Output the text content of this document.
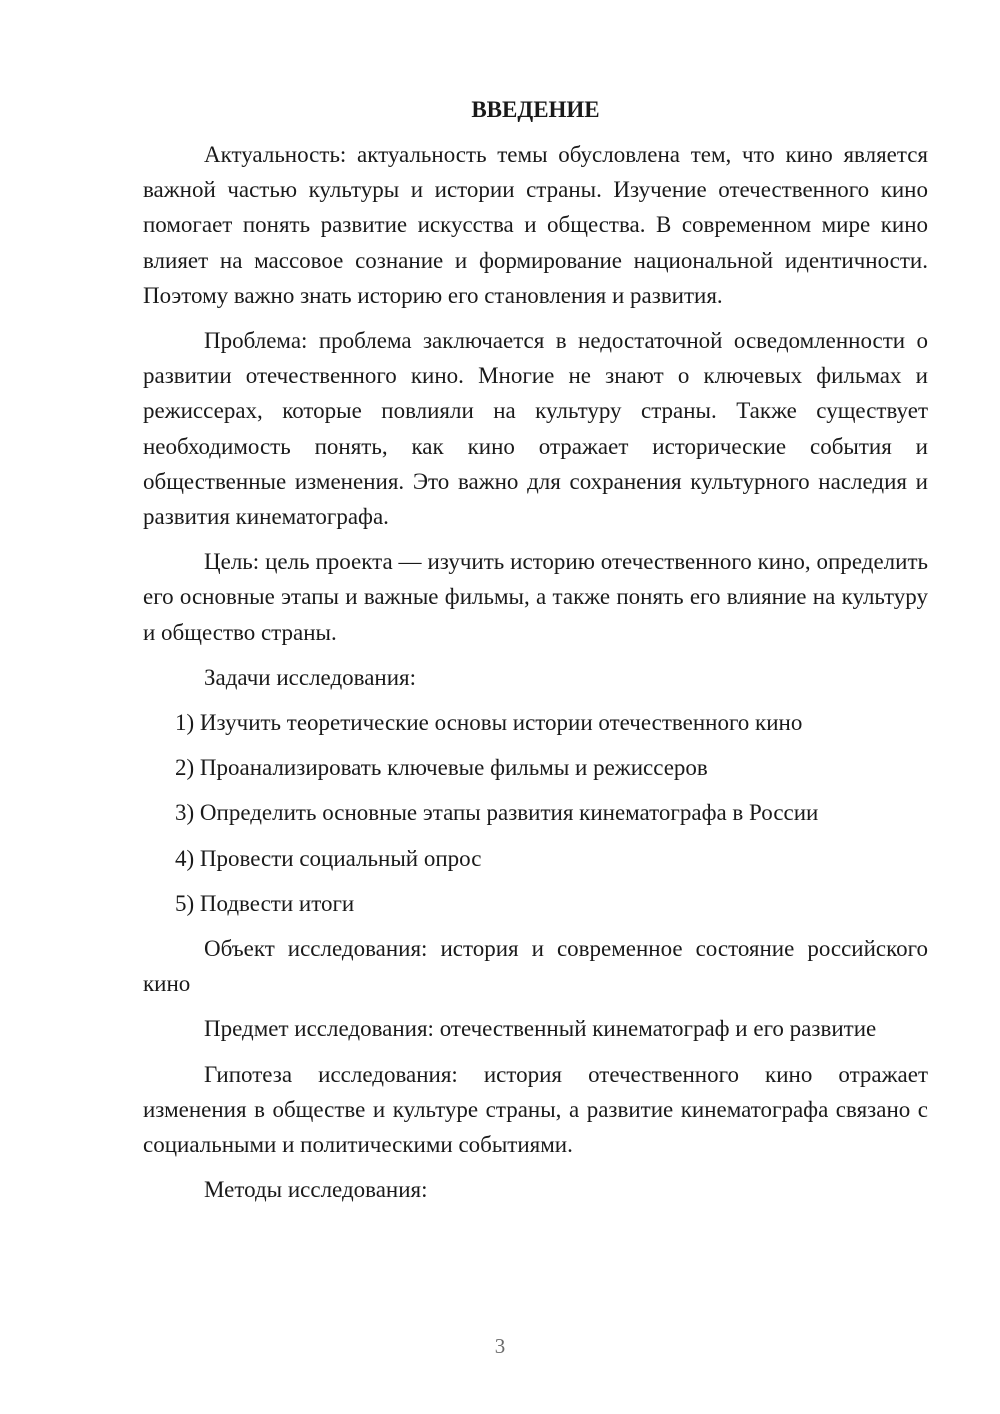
ВВЕДЕНИЕ

Актуальность: актуальность темы обусловлена тем, что кино является важной частью культуры и истории страны. Изучение отечественного кино помогает понять развитие искусства и общества. В современном мире кино влияет на массовое сознание и формирование национальной идентичности. Поэтому важно знать историю его становления и развития.

Проблема: проблема заключается в недостаточной осведомленности о развитии отечественного кино. Многие не знают о ключевых фильмах и режиссерах, которые повлияли на культуру страны. Также существует необходимость понять, как кино отражает исторические события и общественные изменения. Это важно для сохранения культурного наследия и развития кинематографа.

Цель: цель проекта — изучить историю отечественного кино, определить его основные этапы и важные фильмы, а также понять его влияние на культуру и общество страны.

Задачи исследования:

1) Изучить теоретические основы истории отечественного кино
2) Проанализировать ключевые фильмы и режиссеров
3) Определить основные этапы развития кинематографа в России
4) Провести социальный опрос
5) Подвести итоги

Объект исследования: история и современное состояние российского кино

Предмет исследования: отечественный кинематограф и его развитие

Гипотеза исследования: история отечественного кино отражает изменения в обществе и культуре страны, а развитие кинематографа связано с социальными и политическими событиями.

Методы исследования:

3
